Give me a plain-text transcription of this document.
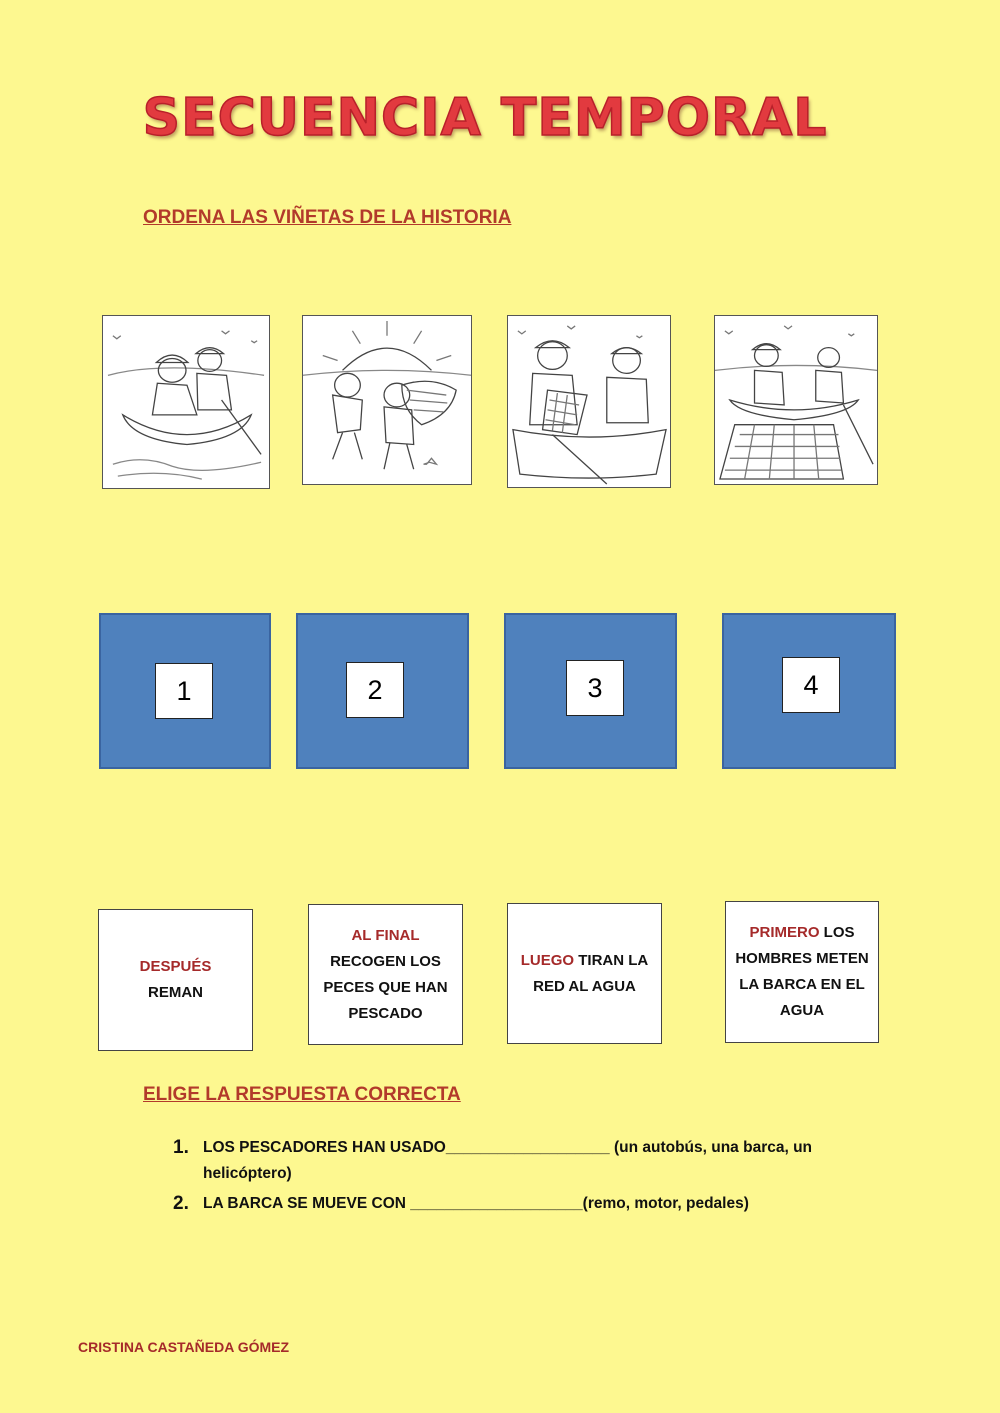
SECUENCIA TEMPORAL
ORDENA LAS VIÑETAS DE LA HISTORIA
1	2	3	4
DESPUÉS
REMAN
AL FINAL
RECOGEN LOS PECES QUE HAN PESCADO
LUEGO TIRAN LA RED AL AGUA
PRIMERO LOS HOMBRES METEN LA BARCA EN EL AGUA
ELIGE LA RESPUESTA CORRECTA
1. LOS PESCADORES HAN USADO___________________ (un autobús, una barca, un helicóptero)
2. LA BARCA SE MUEVE CON ____________________(remo, motor, pedales)
CRISTINA CASTAÑEDA GÓMEZ
